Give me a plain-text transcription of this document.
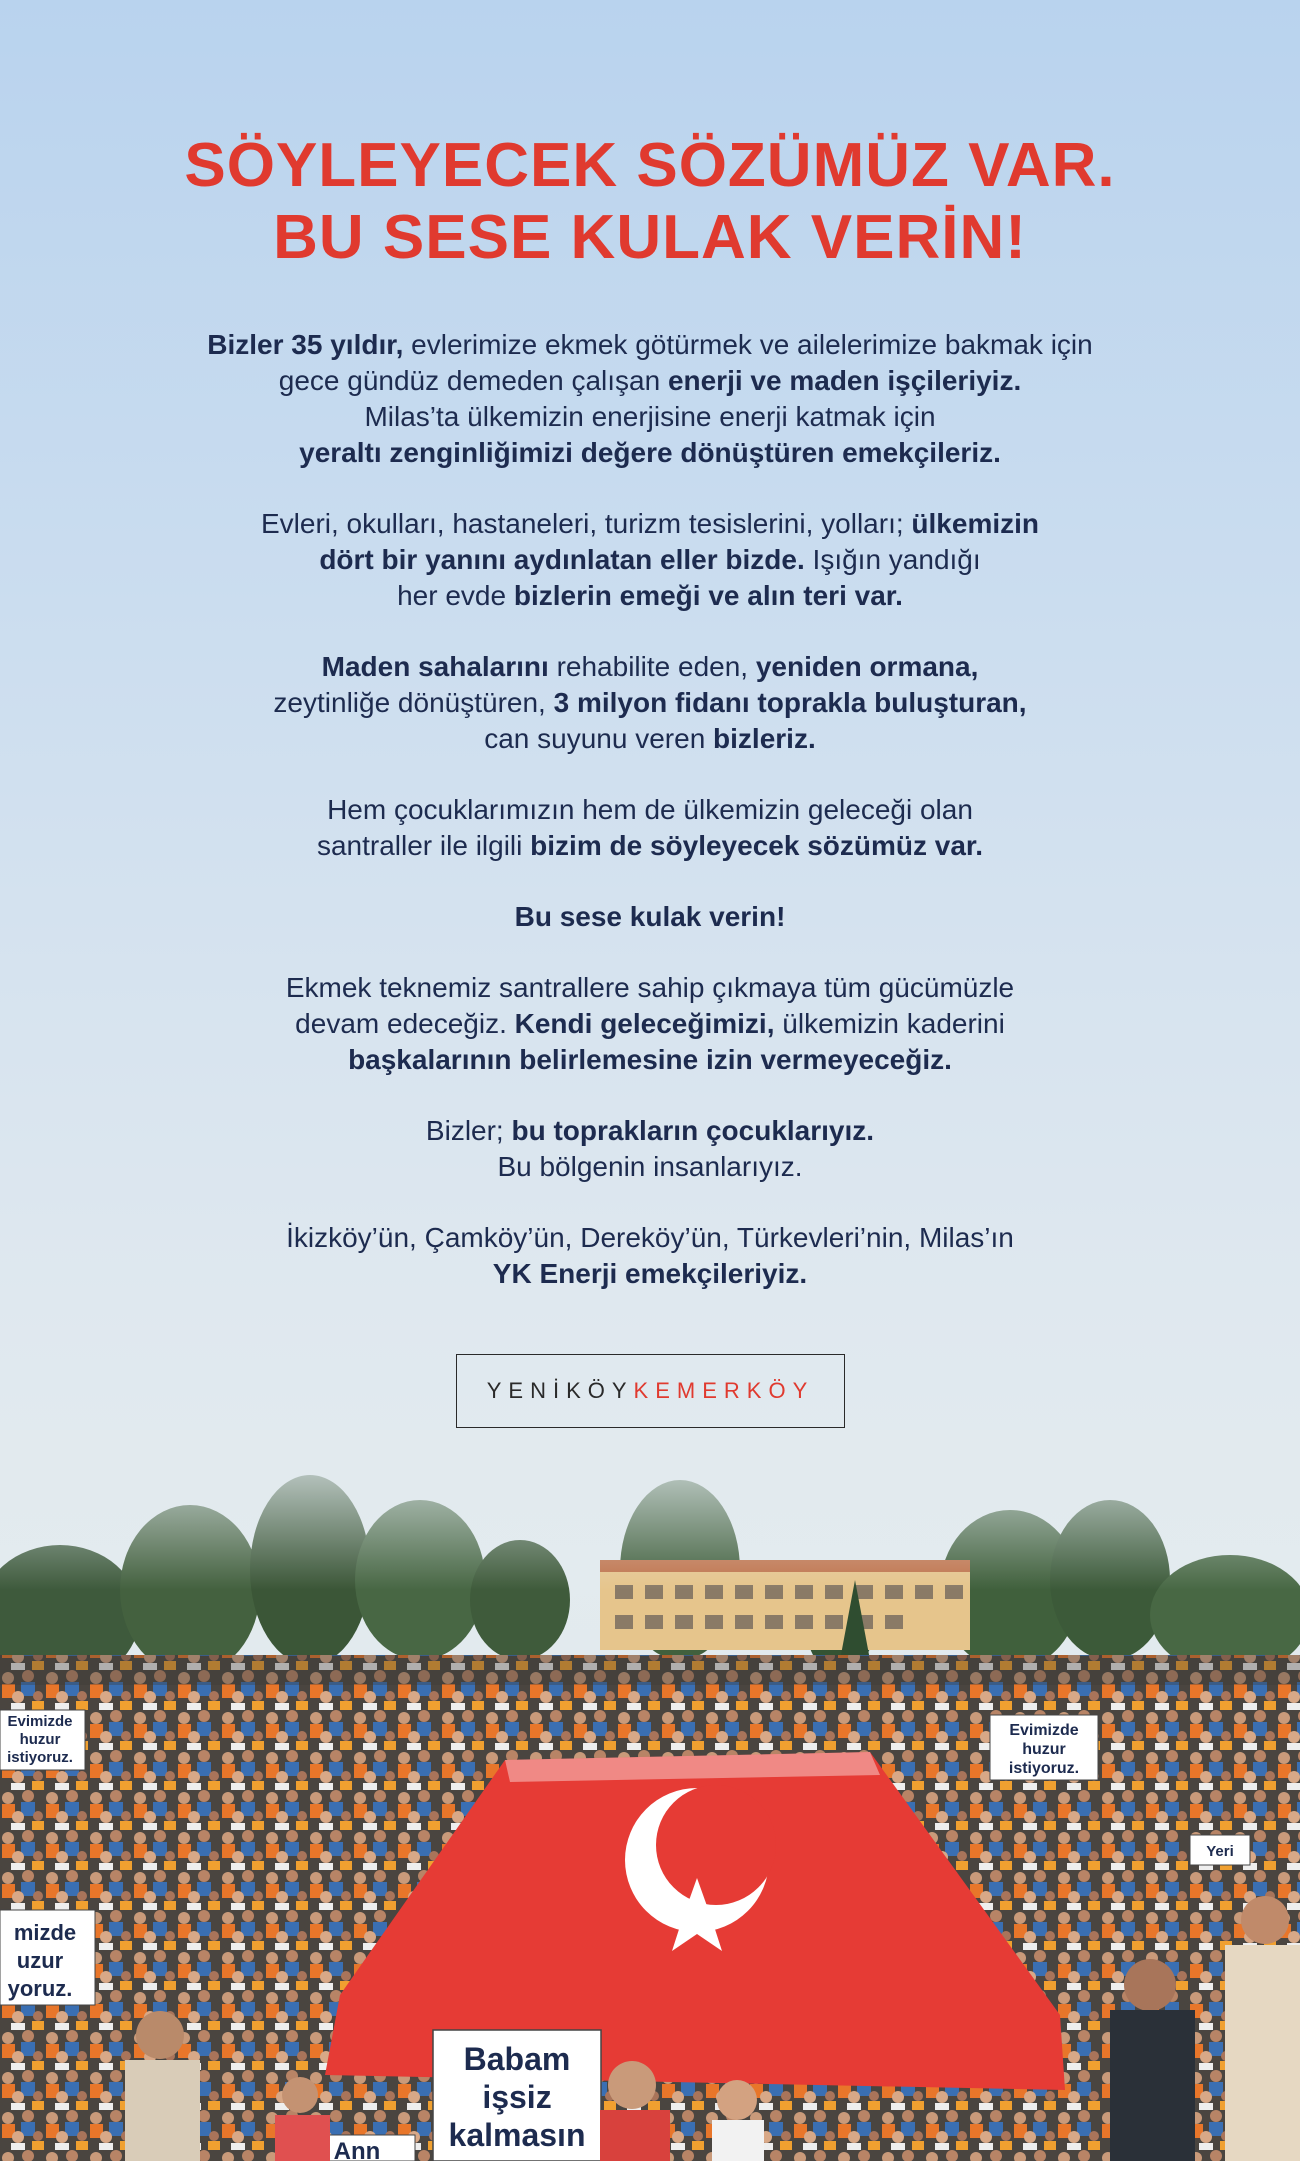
SÖYLEYECEK SÖZÜMÜZ VAR.
BU SESE KULAK VERİN!
Bizler 35 yıldır, evlerimize ekmek götürmek ve ailelerimize bakmak için
gece gündüz demeden çalışan enerji ve maden işçileriyiz.
Milas’ta ülkemizin enerjisine enerji katmak için
yeraltı zenginliğimizi değere dönüştüren emekçileriz.
Evleri, okulları, hastaneleri, turizm tesislerini, yolları; ülkemizin
dört bir yanını aydınlatan eller bizde. Işığın yandığı
her evde bizlerin emeği ve alın teri var.
Maden sahalarını rehabilite eden, yeniden ormana,
zeytinliğe dönüştüren, 3 milyon fidanı toprakla buluşturan,
can suyunu veren bizleriz.
Hem çocuklarımızın hem de ülkemizin geleceği olan
santraller ile ilgili bizim de söyleyecek sözümüz var.
Bu sese kulak verin!
Ekmek teknemiz santrallere sahip çıkmaya tüm gücümüzle
devam edeceğiz. Kendi geleceğimizi, ülkemizin kaderini
başkalarının belirlemesine izin vermeyeceğiz.
Bizler; bu toprakların çocuklarıyız.
Bu bölgenin insanlarıyız.
İkizköy’ün, Çamköy’ün, Dereköy’ün, Türkevleri’nin, Milas’ın
YK Enerji emekçileriyiz.
YENİKÖY KEMERKÖY
Evimizde
huzur
istiyoruz.
mizde
uzur
yoruz.
Evimizde
huzur
istiyoruz.
Yeri
Babam
işsiz
kalmasın
Ann
